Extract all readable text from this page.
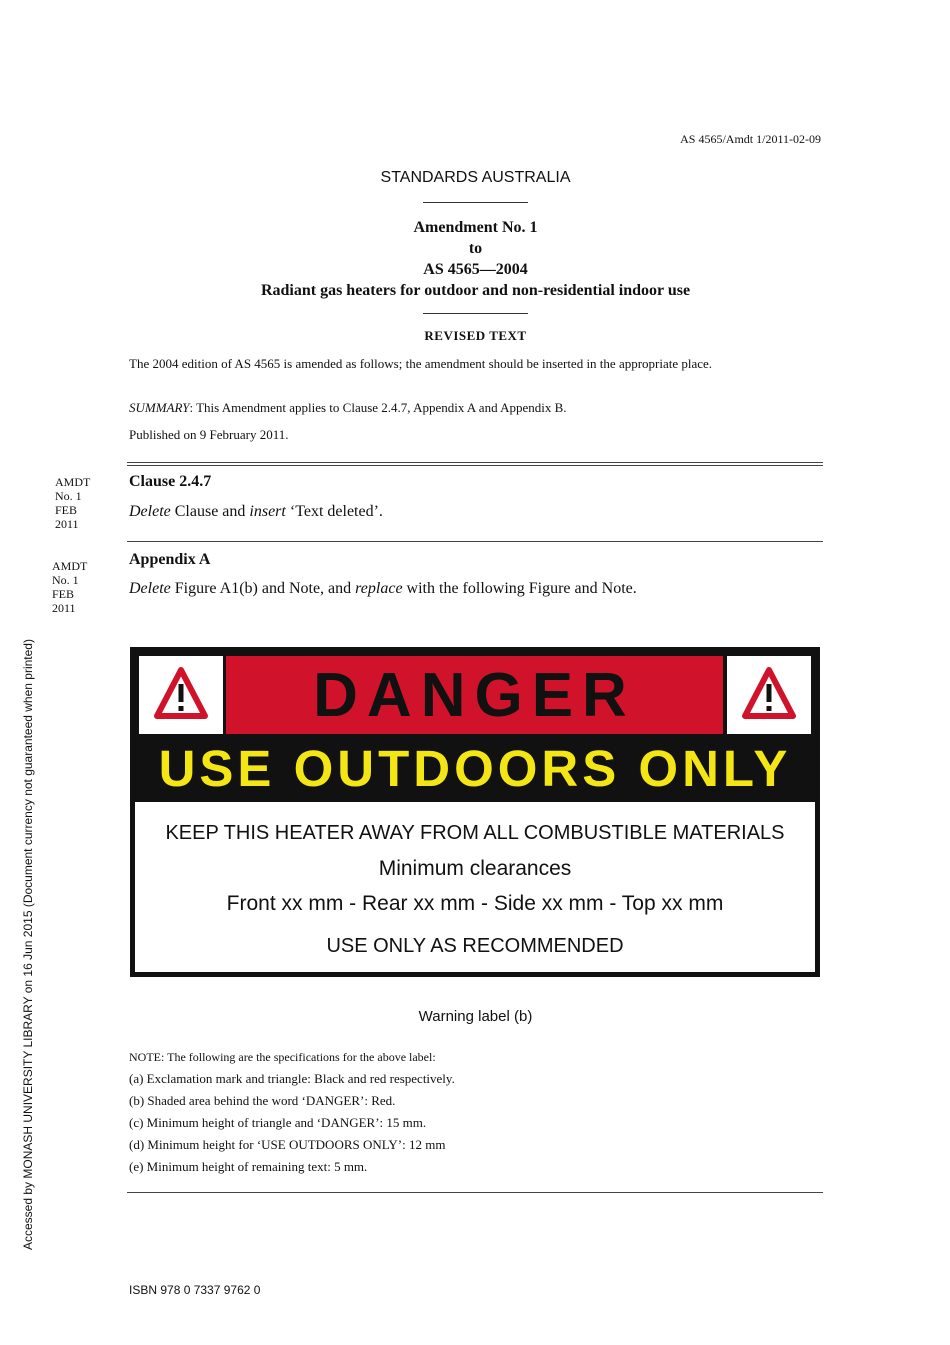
AS 4565/Amdt 1/2011-02-09
STANDARDS AUSTRALIA
Amendment No. 1
to
AS 4565—2004
Radiant gas heaters for outdoor and non-residential indoor use
REVISED TEXT
The 2004 edition of AS 4565 is amended as follows; the amendment should be inserted in the appropriate place.
SUMMARY: This Amendment applies to Clause 2.4.7, Appendix A and Appendix B.
Published on 9 February 2011.
AMDT
No. 1
FEB
2011
Clause 2.4.7
Delete Clause and insert ‘Text deleted’.
AMDT
No. 1
FEB
2011
Appendix A
Delete Figure A1(b) and Note, and replace with the following Figure and Note.
DANGER
USE OUTDOORS ONLY
KEEP THIS HEATER AWAY FROM ALL COMBUSTIBLE MATERIALS
Minimum clearances
Front xx mm - Rear xx mm - Side xx mm - Top xx mm
USE ONLY AS RECOMMENDED
Warning label (b)
NOTE: The following are the specifications for the above label:
(a) Exclamation mark and triangle: Black and red respectively.
(b) Shaded area behind the word ‘DANGER’: Red.
(c) Minimum height of triangle and ‘DANGER’: 15 mm.
(d) Minimum height for ‘USE OUTDOORS ONLY’: 12 mm
(e) Minimum height of remaining text: 5 mm.
Accessed by MONASH UNIVERSITY LIBRARY on 16 Jun 2015 (Document currency not guaranteed when printed)
ISBN 978 0 7337 9762 0
